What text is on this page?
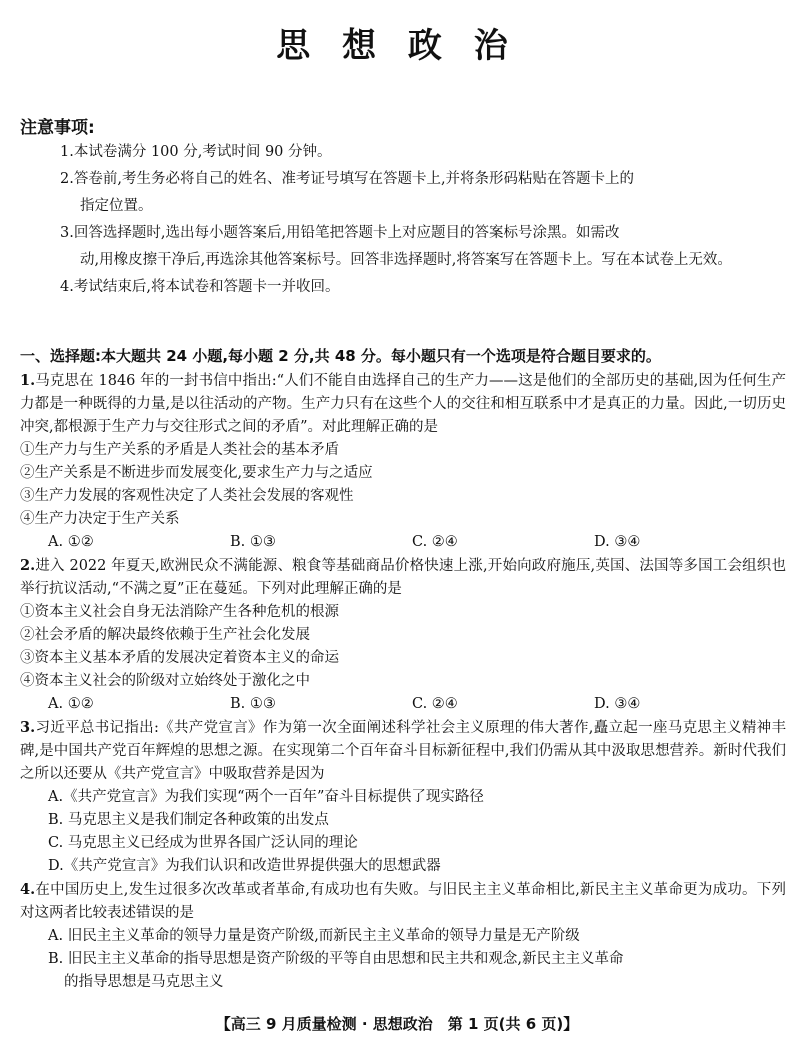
思 想 政 治
注意事项:
1.本试卷满分 100 分,考试时间 90 分钟。
2.答卷前,考生务必将自己的姓名、准考证号填写在答题卡上,并将条形码粘贴在答题卡上的
指定位置。
3.回答选择题时,选出每小题答案后,用铅笔把答题卡上对应题目的答案标号涂黑。如需改
动,用橡皮擦干净后,再选涂其他答案标号。回答非选择题时,将答案写在答题卡上。写在本试卷上无效。
4.考试结束后,将本试卷和答题卡一并收回。
一、选择题:本大题共 24 小题,每小题 2 分,共 48 分。每小题只有一个选项是符合题目要求的。
1.马克思在 1846 年的一封书信中指出:“人们不能自由选择自己的生产力——这是他们的全部历史的基础,因为任何生产力都是一种既得的力量,是以往活动的产物。生产力只有在这些个人的交往和相互联系中才是真正的力量。因此,一切历史冲突,都根源于生产力与交往形式之间的矛盾”。对此理解正确的是
①生产力与生产关系的矛盾是人类社会的基本矛盾
②生产关系是不断进步而发展变化,要求生产力与之适应
③生产力发展的客观性决定了人类社会发展的客观性
④生产力决定于生产关系
A. ①②	B. ①③	C. ②④	D. ③④
2.进入 2022 年夏天,欧洲民众不满能源、粮食等基础商品价格快速上涨,开始向政府施压,英国、法国等多国工会组织也举行抗议活动,“不满之夏”正在蔓延。下列对此理解正确的是
①资本主义社会自身无法消除产生各种危机的根源
②社会矛盾的解决最终依赖于生产社会化发展
③资本主义基本矛盾的发展决定着资本主义的命运
④资本主义社会的阶级对立始终处于激化之中
A. ①②	B. ①③	C. ②④	D. ③④
3.习近平总书记指出:《共产党宣言》作为第一次全面阐述科学社会主义原理的伟大著作,矗立起一座马克思主义精神丰碑,是中国共产党百年辉煌的思想之源。在实现第二个百年奋斗目标新征程中,我们仍需从其中汲取思想营养。新时代我们之所以还要从《共产党宣言》中吸取营养是因为
A.《共产党宣言》为我们实现“两个一百年”奋斗目标提供了现实路径
B. 马克思主义是我们制定各种政策的出发点
C. 马克思主义已经成为世界各国广泛认同的理论
D.《共产党宣言》为我们认识和改造世界提供强大的思想武器
4.在中国历史上,发生过很多次改革或者革命,有成功也有失败。与旧民主主义革命相比,新民主主义革命更为成功。下列对这两者比较表述错误的是
A. 旧民主主义革命的领导力量是资产阶级,而新民主主义革命的领导力量是无产阶级
B. 旧民主主义革命的指导思想是资产阶级的平等自由思想和民主共和观念,新民主主义革命
的指导思想是马克思主义
【高三 9 月质量检测 · 思想政治　第 1 页(共 6 页)】
